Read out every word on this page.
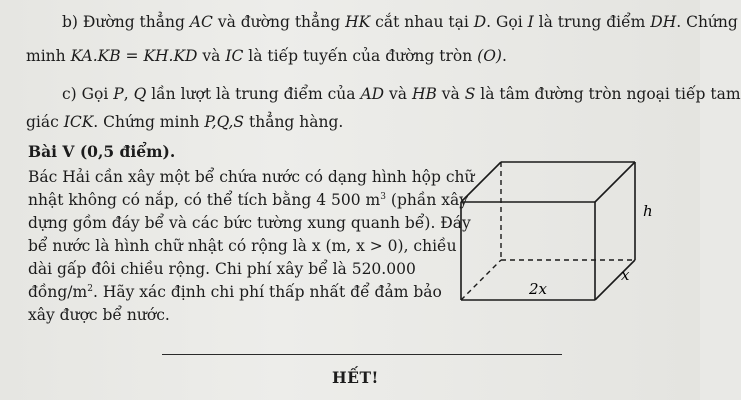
b) Đường thẳng AC và đường thẳng HK cắt nhau tại D. Gọi I là trung điểm DH. Chứng
minh KA.KB = KH.KD và IC là tiếp tuyến của đường tròn (O).
c) Gọi P, Q lần lượt là trung điểm của AD và HB và S là tâm đường tròn ngoại tiếp tam
giác ICK. Chứng minh P,Q,S thẳng hàng.
Bài V (0,5 điểm).
Bác Hải cần xây một bể chứa nước có dạng hình hộp chữ
nhật không có nắp, có thể tích bằng 4 500 $m^3$ (phần xây
dựng gồm đáy bể và các bức tường xung quanh bể). Đáy
bể nước là hình chữ nhật có rộng là x (m, x > 0), chiều
dài gấp đôi chiều rộng. Chi phí xây bể là 520.000
đồng/$m^2$. Hãy xác định chi phí thấp nhất để đảm bảo
xây được bể nước.
h
x
2x
HẾT!
